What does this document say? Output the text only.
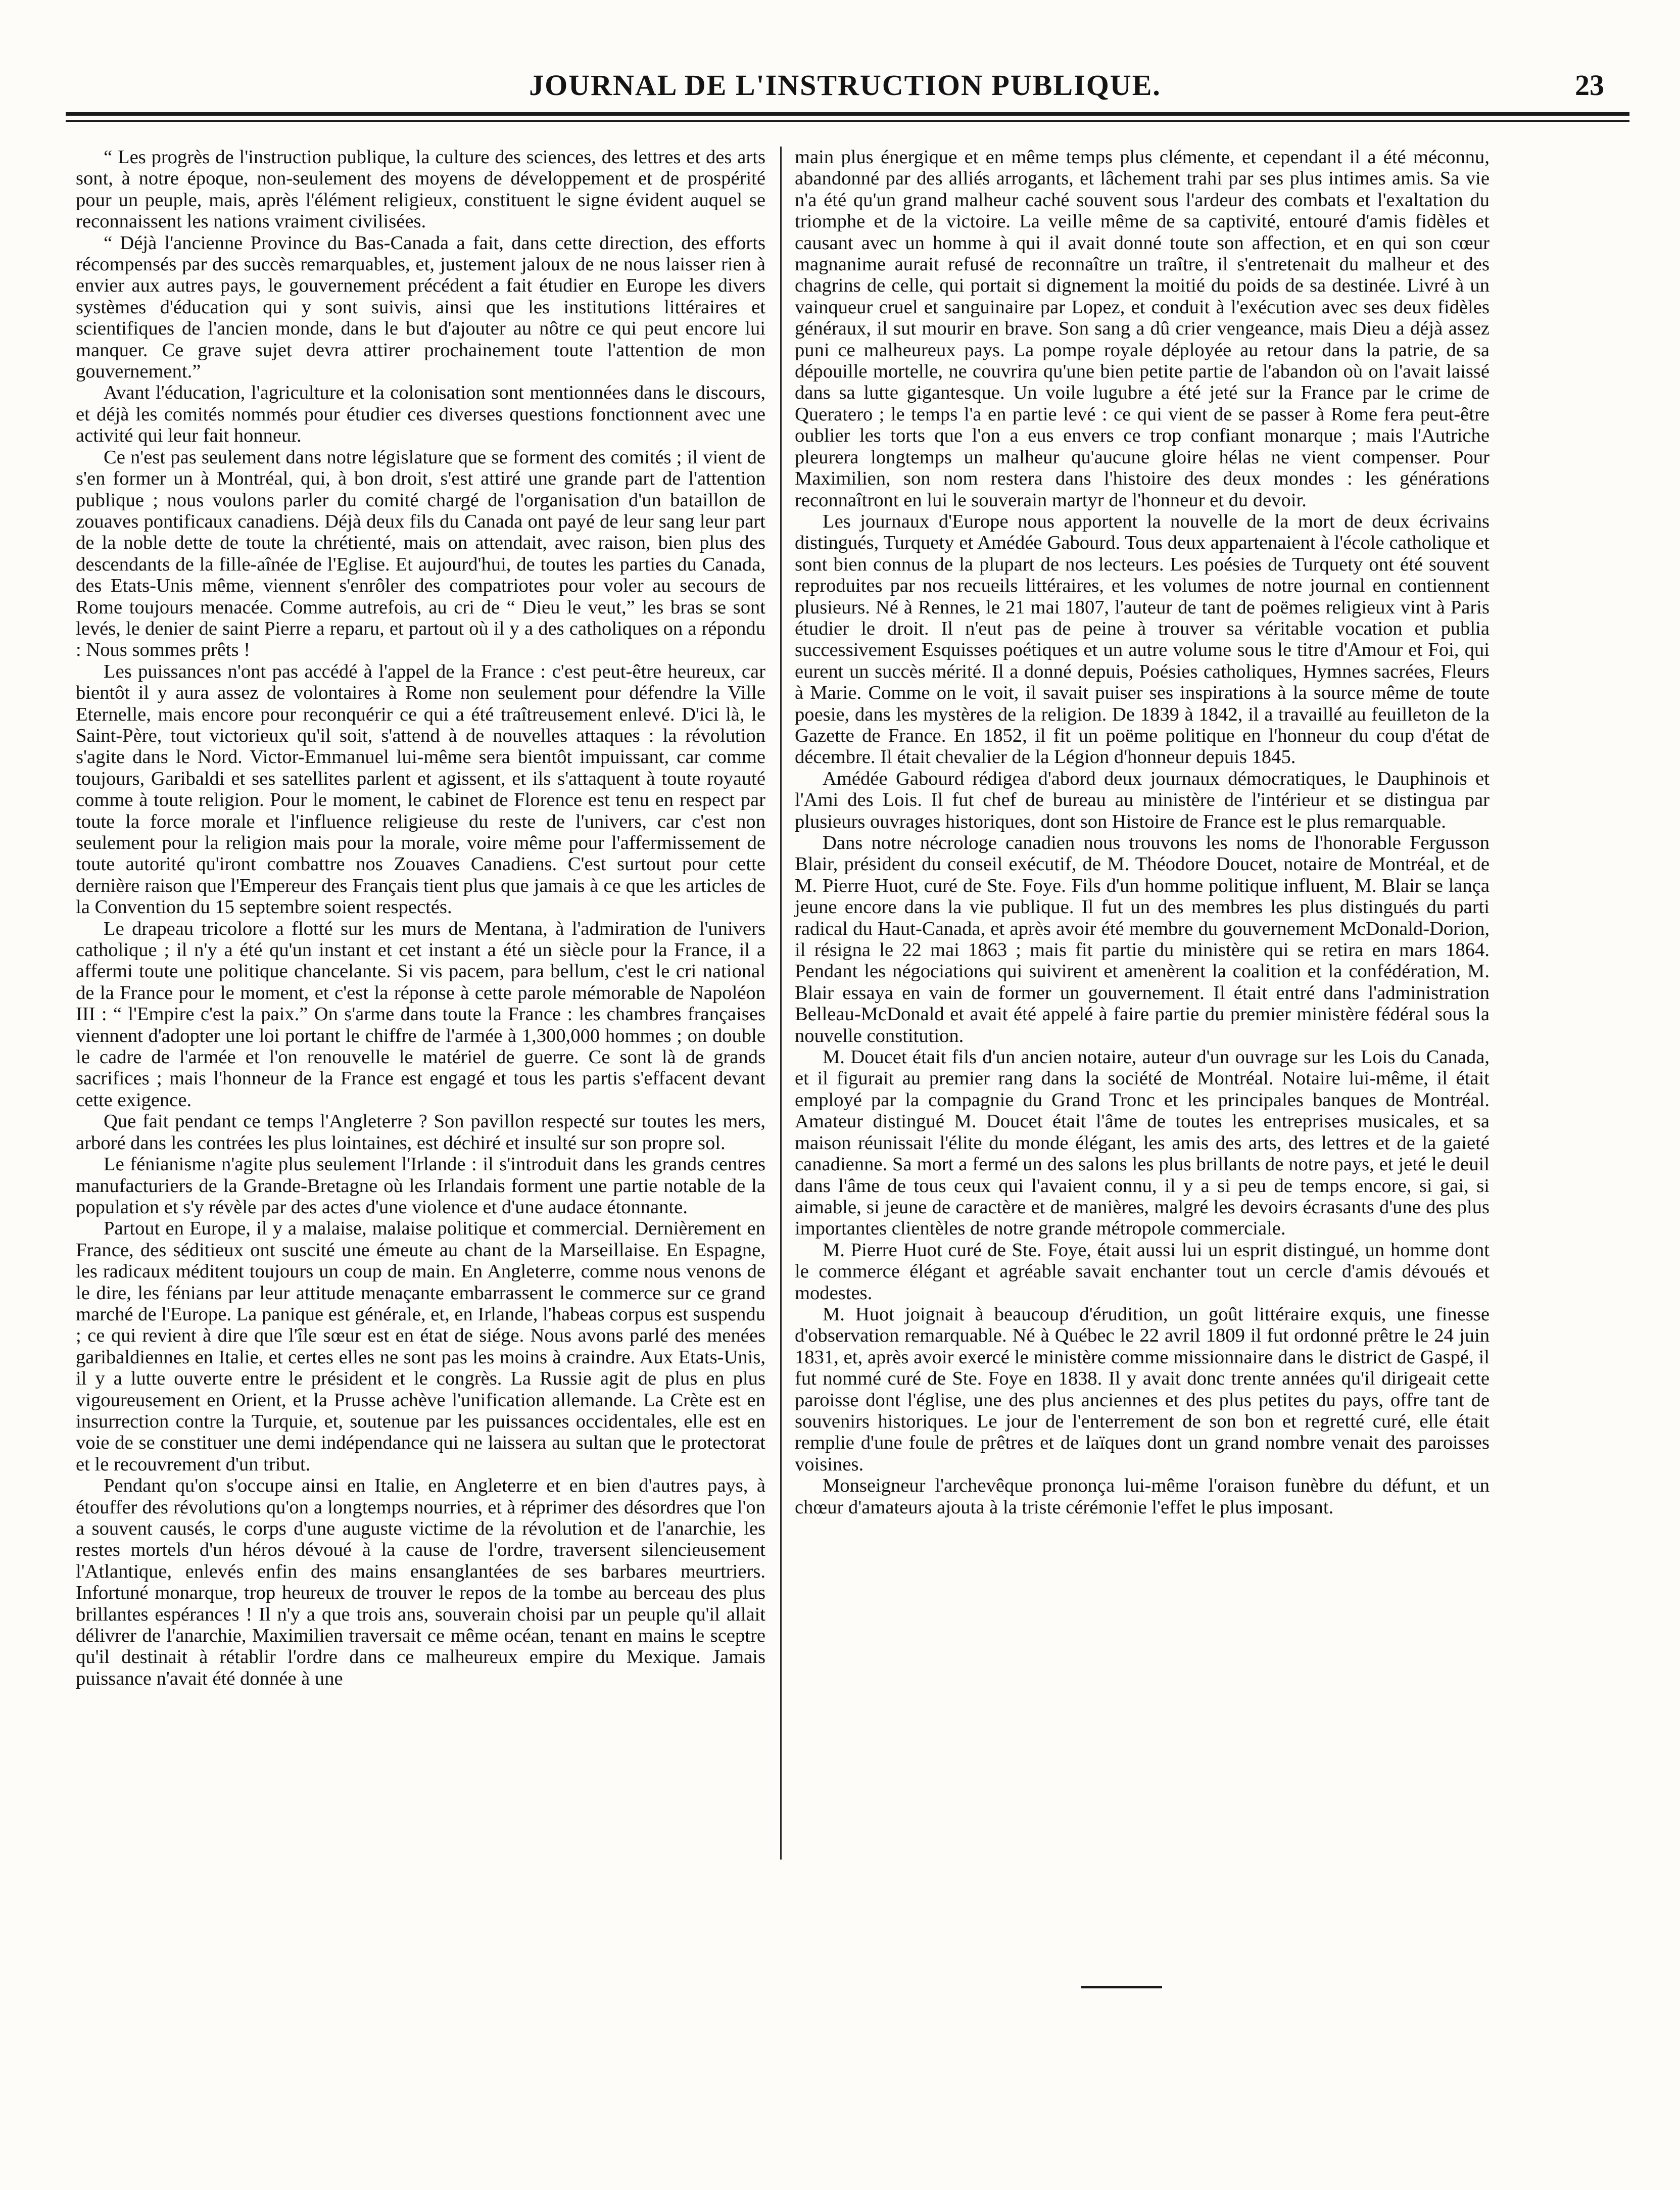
JOURNAL DE L'INSTRUCTION PUBLIQUE.	23

“ Les progrès de l'instruction publique, la culture des sciences, des lettres et des arts sont, à notre époque, non-seulement des moyens de développement et de prospérité pour un peuple, mais, après l'élément religieux, constituent le signe évident auquel se reconnaissent les nations vraiment civilisées.

“ Déjà l'ancienne Province du Bas-Canada a fait, dans cette direction, des efforts récompensés par des succès remarquables, et, justement jaloux de ne nous laisser rien à envier aux autres pays, le gouvernement précédent a fait étudier en Europe les divers systèmes d'éducation qui y sont suivis, ainsi que les institutions littéraires et scientifiques de l'ancien monde, dans le but d'ajouter au nôtre ce qui peut encore lui manquer. Ce grave sujet devra attirer prochainement toute l'attention de mon gouvernement.”

Avant l'éducation, l'agriculture et la colonisation sont mentionnées dans le discours, et déjà les comités nommés pour étudier ces diverses questions fonctionnent avec une activité qui leur fait honneur.

Ce n'est pas seulement dans notre législature que se forment des comités ; il vient de s'en former un à Montréal, qui, à bon droit, s'est attiré une grande part de l'attention publique ; nous voulons parler du comité chargé de l'organisation d'un bataillon de zouaves pontificaux canadiens. Déjà deux fils du Canada ont payé de leur sang leur part de la noble dette de toute la chrétienté, mais on attendait, avec raison, bien plus des descendants de la fille-aînée de l'Eglise. Et aujourd'hui, de toutes les parties du Canada, des Etats-Unis même, viennent s'enrôler des compatriotes pour voler au secours de Rome toujours menacée. Comme autrefois, au cri de “ Dieu le veut,” les bras se sont levés, le denier de saint Pierre a reparu, et partout où il y a des catholiques on a répondu : Nous sommes prêts !

Les puissances n'ont pas accédé à l'appel de la France : c'est peut-être heureux, car bientôt il y aura assez de volontaires à Rome non seulement pour défendre la Ville Eternelle, mais encore pour reconquérir ce qui a été traîtreusement enlevé. D'ici là, le Saint-Père, tout victorieux qu'il soit, s'attend à de nouvelles attaques : la révolution s'agite dans le Nord. Victor-Emmanuel lui-même sera bientôt impuissant, car comme toujours, Garibaldi et ses satellites parlent et agissent, et ils s'attaquent à toute royauté comme à toute religion. Pour le moment, le cabinet de Florence est tenu en respect par toute la force morale et l'influence religieuse du reste de l'univers, car c'est non seulement pour la religion mais pour la morale, voire même pour l'affermissement de toute autorité qu'iront combattre nos Zouaves Canadiens. C'est surtout pour cette dernière raison que l'Empereur des Français tient plus que jamais à ce que les articles de la Convention du 15 septembre soient respectés.

Le drapeau tricolore a flotté sur les murs de Mentana, à l'admiration de l'univers catholique ; il n'y a été qu'un instant et cet instant a été un siècle pour la France, il a affermi toute une politique chancelante. Si vis pacem, para bellum, c'est le cri national de la France pour le moment, et c'est la réponse à cette parole mémorable de Napoléon III : “ l'Empire c'est la paix.” On s'arme dans toute la France : les chambres françaises viennent d'adopter une loi portant le chiffre de l'armée à 1,300,000 hommes ; on double le cadre de l'armée et l'on renouvelle le matériel de guerre. Ce sont là de grands sacrifices ; mais l'honneur de la France est engagé et tous les partis s'effacent devant cette exigence.

Que fait pendant ce temps l'Angleterre ? Son pavillon respecté sur toutes les mers, arboré dans les contrées les plus lointaines, est déchiré et insulté sur son propre sol.

Le fénianisme n'agite plus seulement l'Irlande : il s'introduit dans les grands centres manufacturiers de la Grande-Bretagne où les Irlandais forment une partie notable de la population et s'y révèle par des actes d'une violence et d'une audace étonnante.

Partout en Europe, il y a malaise, malaise politique et commercial. Dernièrement en France, des séditieux ont suscité une émeute au chant de la Marseillaise. En Espagne, les radicaux méditent toujours un coup de main. En Angleterre, comme nous venons de le dire, les fénians par leur attitude menaçante embarrassent le commerce sur ce grand marché de l'Europe. La panique est générale, et, en Irlande, l'habeas corpus est suspendu ; ce qui revient à dire que l'île sœur est en état de siége. Nous avons parlé des menées garibaldiennes en Italie, et certes elles ne sont pas les moins à craindre. Aux Etats-Unis, il y a lutte ouverte entre le président et le congrès. La Russie agit de plus en plus vigoureusement en Orient, et la Prusse achève l'unification allemande. La Crète est en insurrection contre la Turquie, et, soutenue par les puissances occidentales, elle est en voie de se constituer une demi indépendance qui ne laissera au sultan que le protectorat et le recouvrement d'un tribut.

Pendant qu'on s'occupe ainsi en Italie, en Angleterre et en bien d'autres pays, à étouffer des révolutions qu'on a longtemps nourries, et à réprimer des désordres que l'on a souvent causés, le corps d'une auguste victime de la révolution et de l'anarchie, les restes mortels d'un héros dévoué à la cause de l'ordre, traversent silencieusement l'Atlantique, enlevés enfin des mains ensanglantées de ses barbares meurtriers. Infortuné monarque, trop heureux de trouver le repos de la tombe au berceau des plus brillantes espérances ! Il n'y a que trois ans, souverain choisi par un peuple qu'il allait délivrer de l'anarchie, Maximilien traversait ce même océan, tenant en mains le sceptre qu'il destinait à rétablir l'ordre dans ce malheureux empire du Mexique. Jamais puissance n'avait été donnée à une

main plus énergique et en même temps plus clémente, et cependant il a été méconnu, abandonné par des alliés arrogants, et lâchement trahi par ses plus intimes amis. Sa vie n'a été qu'un grand malheur caché souvent sous l'ardeur des combats et l'exaltation du triomphe et de la victoire. La veille même de sa captivité, entouré d'amis fidèles et causant avec un homme à qui il avait donné toute son affection, et en qui son cœur magnanime aurait refusé de reconnaître un traître, il s'entretenait du malheur et des chagrins de celle, qui portait si dignement la moitié du poids de sa destinée. Livré à un vainqueur cruel et sanguinaire par Lopez, et conduit à l'exécution avec ses deux fidèles généraux, il sut mourir en brave. Son sang a dû crier vengeance, mais Dieu a déjà assez puni ce malheureux pays. La pompe royale déployée au retour dans la patrie, de sa dépouille mortelle, ne couvrira qu'une bien petite partie de l'abandon où on l'avait laissé dans sa lutte gigantesque. Un voile lugubre a été jeté sur la France par le crime de Queratero ; le temps l'a en partie levé : ce qui vient de se passer à Rome fera peut-être oublier les torts que l'on a eus envers ce trop confiant monarque ; mais l'Autriche pleurera longtemps un malheur qu'aucune gloire hélas ne vient compenser. Pour Maximilien, son nom restera dans l'histoire des deux mondes : les générations reconnaîtront en lui le souverain martyr de l'honneur et du devoir.

Les journaux d'Europe nous apportent la nouvelle de la mort de deux écrivains distingués, Turquety et Amédée Gabourd. Tous deux appartenaient à l'école catholique et sont bien connus de la plupart de nos lecteurs. Les poésies de Turquety ont été souvent reproduites par nos recueils littéraires, et les volumes de notre journal en contiennent plusieurs. Né à Rennes, le 21 mai 1807, l'auteur de tant de poëmes religieux vint à Paris étudier le droit. Il n'eut pas de peine à trouver sa véritable vocation et publia successivement Esquisses poétiques et un autre volume sous le titre d'Amour et Foi, qui eurent un succès mérité. Il a donné depuis, Poésies catholiques, Hymnes sacrées, Fleurs à Marie. Comme on le voit, il savait puiser ses inspirations à la source même de toute poesie, dans les mystères de la religion. De 1839 à 1842, il a travaillé au feuilleton de la Gazette de France. En 1852, il fit un poëme politique en l'honneur du coup d'état de décembre. Il était chevalier de la Légion d'honneur depuis 1845.

Amédée Gabourd rédigea d'abord deux journaux démocratiques, le Dauphinois et l'Ami des Lois. Il fut chef de bureau au ministère de l'intérieur et se distingua par plusieurs ouvrages historiques, dont son Histoire de France est le plus remarquable.

Dans notre nécrologe canadien nous trouvons les noms de l'honorable Fergusson Blair, président du conseil exécutif, de M. Théodore Doucet, notaire de Montréal, et de M. Pierre Huot, curé de Ste. Foye. Fils d'un homme politique influent, M. Blair se lança jeune encore dans la vie publique. Il fut un des membres les plus distingués du parti radical du Haut-Canada, et après avoir été membre du gouvernement McDonald-Dorion, il résigna le 22 mai 1863 ; mais fit partie du ministère qui se retira en mars 1864. Pendant les négociations qui suivirent et amenèrent la coalition et la confédération, M. Blair essaya en vain de former un gouvernement. Il était entré dans l'administration Belleau-McDonald et avait été appelé à faire partie du premier ministère fédéral sous la nouvelle constitution.

M. Doucet était fils d'un ancien notaire, auteur d'un ouvrage sur les Lois du Canada, et il figurait au premier rang dans la société de Montréal. Notaire lui-même, il était employé par la compagnie du Grand Tronc et les principales banques de Montréal. Amateur distingué M. Doucet était l'âme de toutes les entreprises musicales, et sa maison réunissait l'élite du monde élégant, les amis des arts, des lettres et de la gaieté canadienne. Sa mort a fermé un des salons les plus brillants de notre pays, et jeté le deuil dans l'âme de tous ceux qui l'avaient connu, il y a si peu de temps encore, si gai, si aimable, si jeune de caractère et de manières, malgré les devoirs écrasants d'une des plus importantes clientèles de notre grande métropole commerciale.

M. Pierre Huot curé de Ste. Foye, était aussi lui un esprit distingué, un homme dont le commerce élégant et agréable savait enchanter tout un cercle d'amis dévoués et modestes.

M. Huot joignait à beaucoup d'érudition, un goût littéraire exquis, une finesse d'observation remarquable. Né à Québec le 22 avril 1809 il fut ordonné prêtre le 24 juin 1831, et, après avoir exercé le ministère comme missionnaire dans le district de Gaspé, il fut nommé curé de Ste. Foye en 1838. Il y avait donc trente années qu'il dirigeait cette paroisse dont l'église, une des plus anciennes et des plus petites du pays, offre tant de souvenirs historiques. Le jour de l'enterrement de son bon et regretté curé, elle était remplie d'une foule de prêtres et de laïques dont un grand nombre venait des paroisses voisines.

Monseigneur l'archevêque prononça lui-même l'oraison funèbre du défunt, et un chœur d'amateurs ajouta à la triste cérémonie l'effet le plus imposant.
